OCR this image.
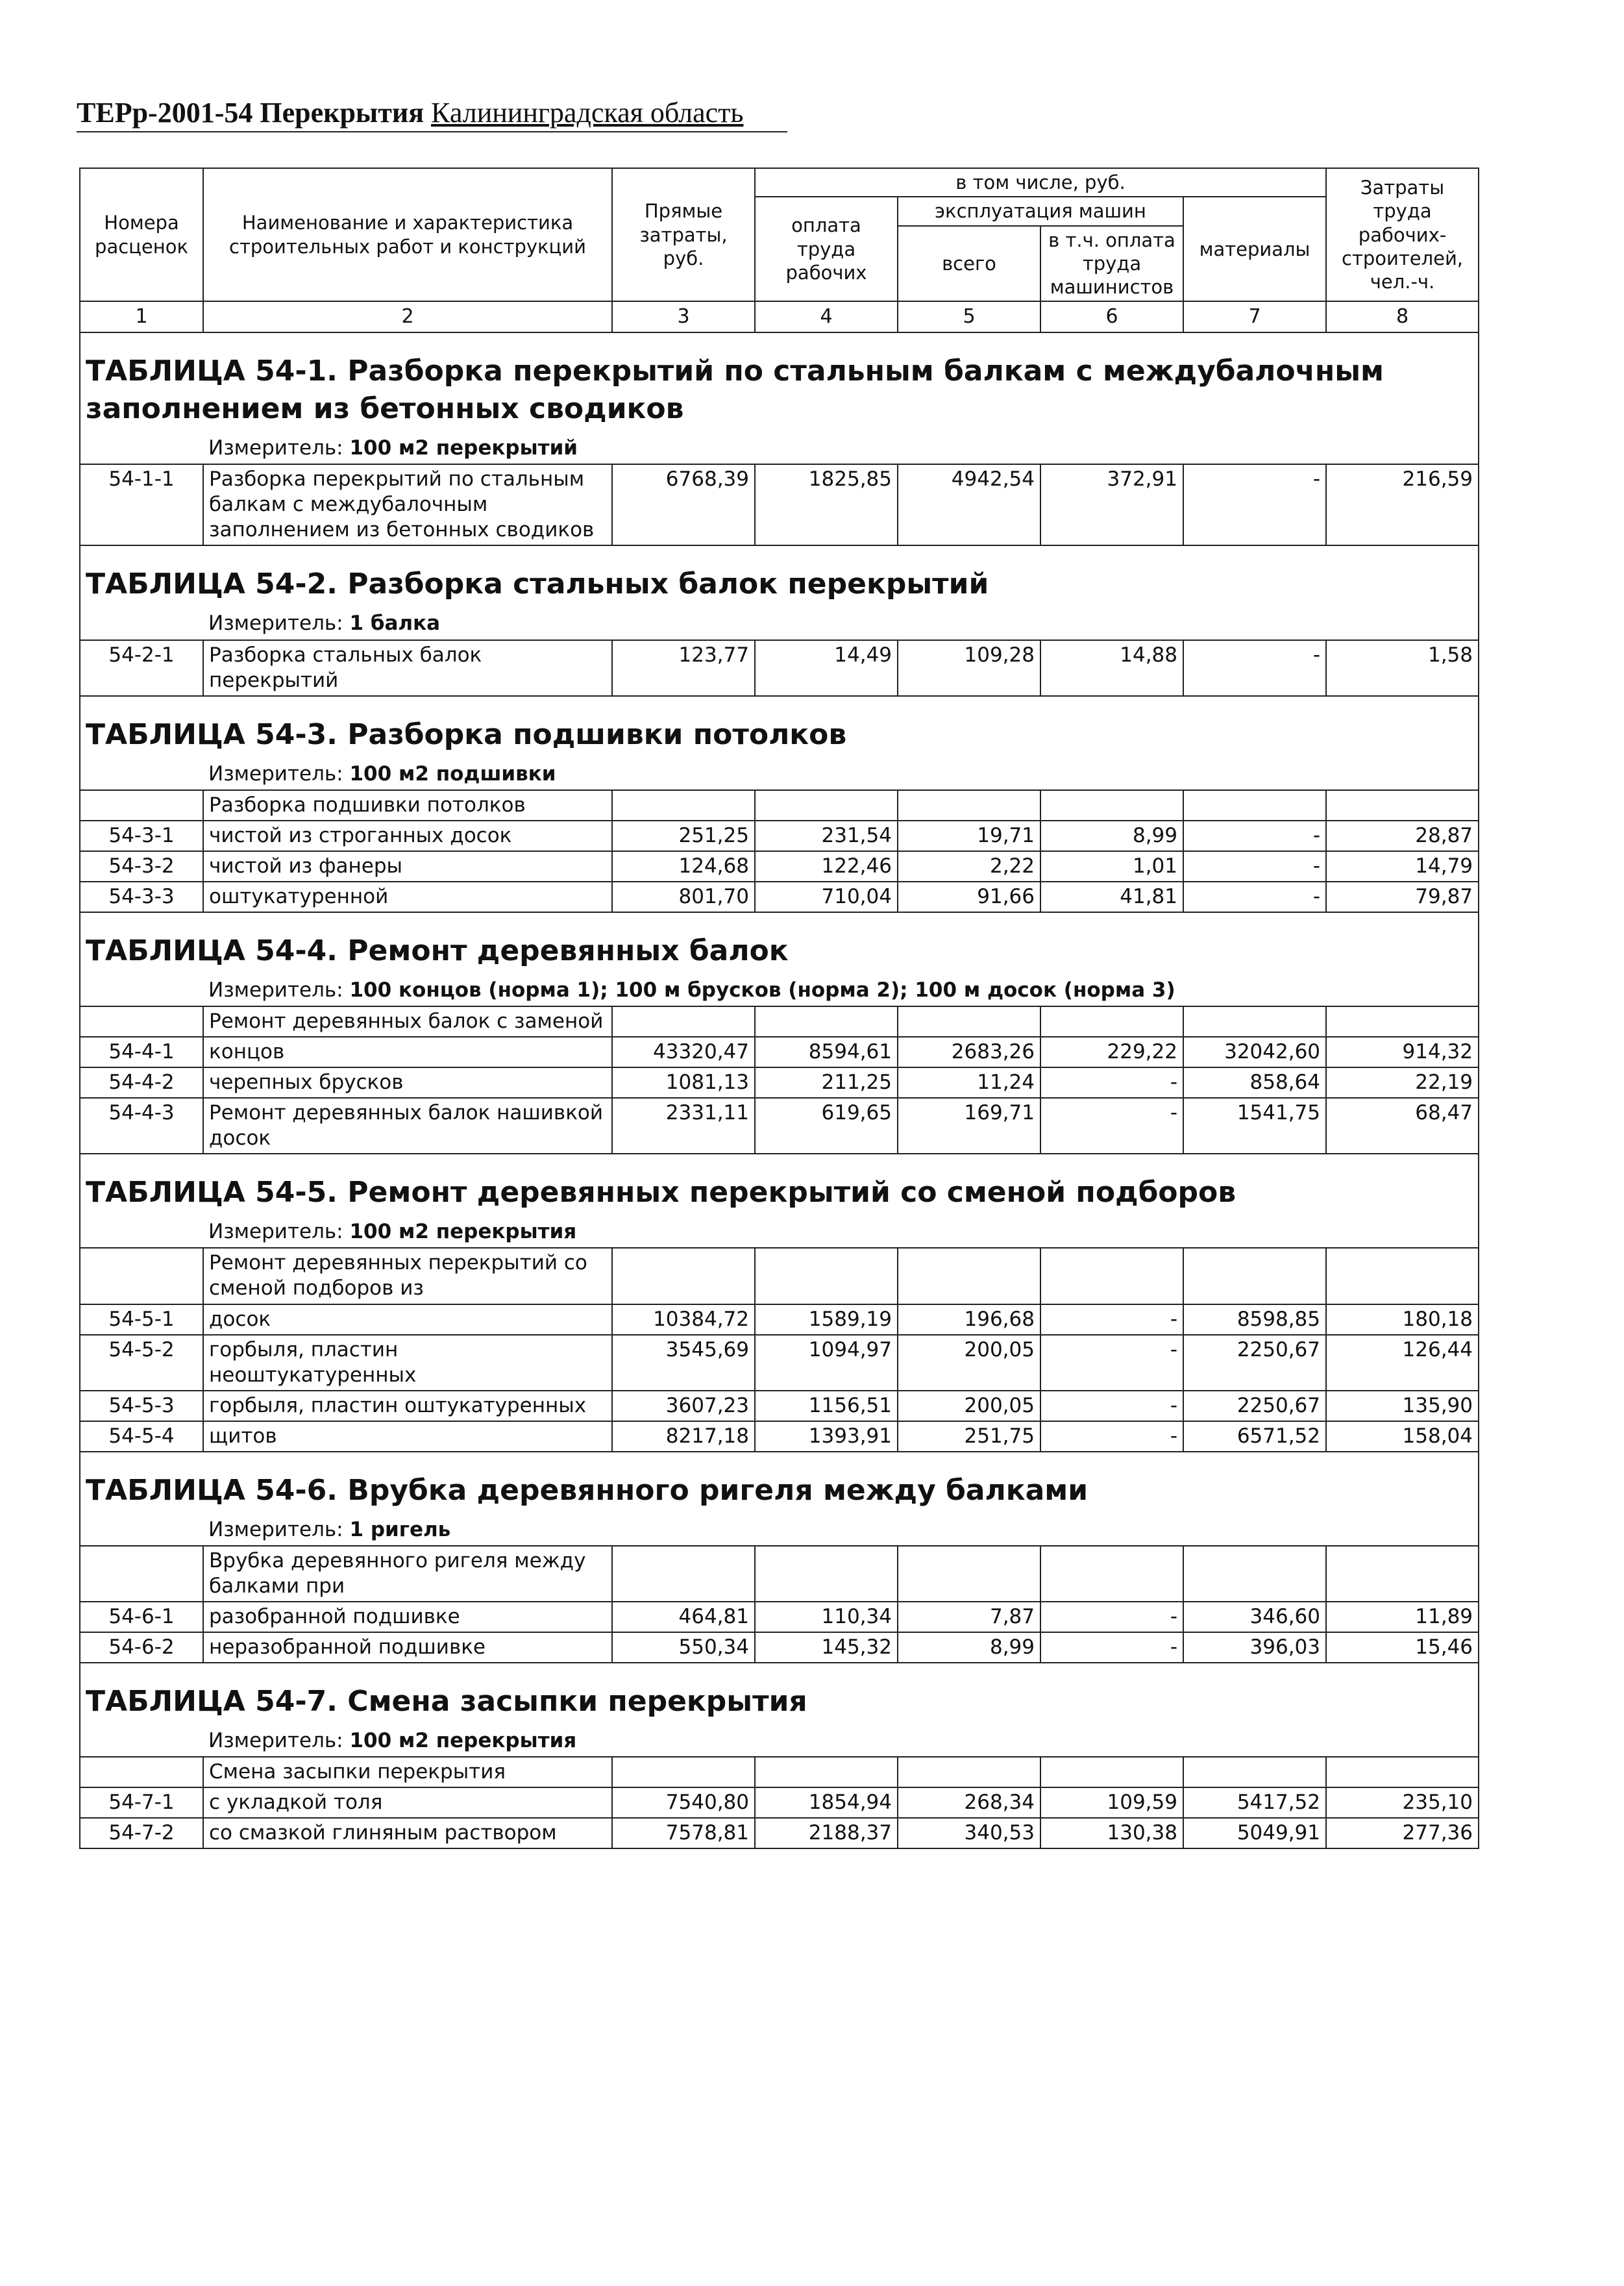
ТЕРр-2001-54 Перекрытия Калининградская область
Номера расценок	Наименование и характеристика строительных работ и конструкций	Прямые затраты, руб.	в том числе, руб.				Затраты труда рабочих-строителей, чел.-ч.
			оплата труда рабочих	эксплуатация машин		материалы	
				всего	в т.ч. оплата труда машинистов		
1	2	3	4	5	6	7	8
ТАБЛИЦА 54-1. Разборка перекрытий по стальным балкам с междубалочным заполнением из бетонных сводиков							
	Измеритель: 100 м2 перекрытий						
54-1-1	Разборка перекрытий по стальным балкам с междубалочным заполнением из бетонных сводиков	6768,39	1825,85	4942,54	372,91	-	216,59
ТАБЛИЦА 54-2. Разборка стальных балок перекрытий							
	Измеритель: 1 балка						
54-2-1	Разборка стальных балок перекрытий	123,77	14,49	109,28	14,88	-	1,58
ТАБЛИЦА 54-3. Разборка подшивки потолков							
	Измеритель: 100 м2 подшивки						
	Разборка подшивки потолков						
54-3-1	чистой из строганных досок	251,25	231,54	19,71	8,99	-	28,87
54-3-2	чистой из фанеры	124,68	122,46	2,22	1,01	-	14,79
54-3-3	оштукатуренной	801,70	710,04	91,66	41,81	-	79,87
ТАБЛИЦА 54-4. Ремонт деревянных балок							
	Измеритель: 100 концов (норма 1); 100 м брусков (норма 2); 100 м досок (норма 3)						
	Ремонт деревянных балок с заменой						
54-4-1	концов	43320,47	8594,61	2683,26	229,22	32042,60	914,32
54-4-2	черепных брусков	1081,13	211,25	11,24	-	858,64	22,19
54-4-3	Ремонт деревянных балок нашивкой досок	2331,11	619,65	169,71	-	1541,75	68,47
ТАБЛИЦА 54-5. Ремонт деревянных перекрытий со сменой подборов							
	Измеритель: 100 м2 перекрытия						
	Ремонт деревянных перекрытий со сменой подборов из						
54-5-1	досок	10384,72	1589,19	196,68	-	8598,85	180,18
54-5-2	горбыля, пластин неоштукатуренных	3545,69	1094,97	200,05	-	2250,67	126,44
54-5-3	горбыля, пластин оштукатуренных	3607,23	1156,51	200,05	-	2250,67	135,90
54-5-4	щитов	8217,18	1393,91	251,75	-	6571,52	158,04
ТАБЛИЦА 54-6. Врубка деревянного ригеля между балками							
	Измеритель: 1 ригель						
	Врубка деревянного ригеля между балками при						
54-6-1	разобранной подшивке	464,81	110,34	7,87	-	346,60	11,89
54-6-2	неразобранной подшивке	550,34	145,32	8,99	-	396,03	15,46
ТАБЛИЦА 54-7. Смена засыпки перекрытия							
	Измеритель: 100 м2 перекрытия						
	Смена засыпки перекрытия						
54-7-1	с укладкой толя	7540,80	1854,94	268,34	109,59	5417,52	235,10
54-7-2	со смазкой глиняным раствором	7578,81	2188,37	340,53	130,38	5049,91	277,36
